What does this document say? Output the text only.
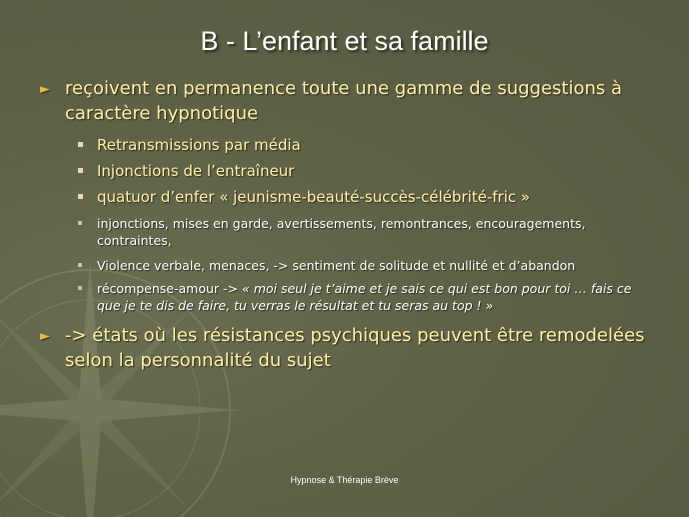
B - L’enfant et sa famille
► reçoivent en permanence toute une gamme de suggestions à caractère hypnotique
Retransmissions par média
Injonctions de l’entraîneur
quatuor d’enfer « jeunisme-beauté-succès-célébrité-fric »
injonctions, mises en garde, avertissements, remontrances, encouragements, contraintes,
Violence verbale, menaces, -> sentiment de solitude et nullité et d’abandon
récompense-amour -> « moi seul je t’aime et je sais ce qui est bon pour toi … fais ce que je te dis de faire, tu verras le résultat et tu seras au top ! »
► -> états où les résistances psychiques peuvent être remodelées selon la personnalité du sujet
Hypnose & Thérapie Brève
